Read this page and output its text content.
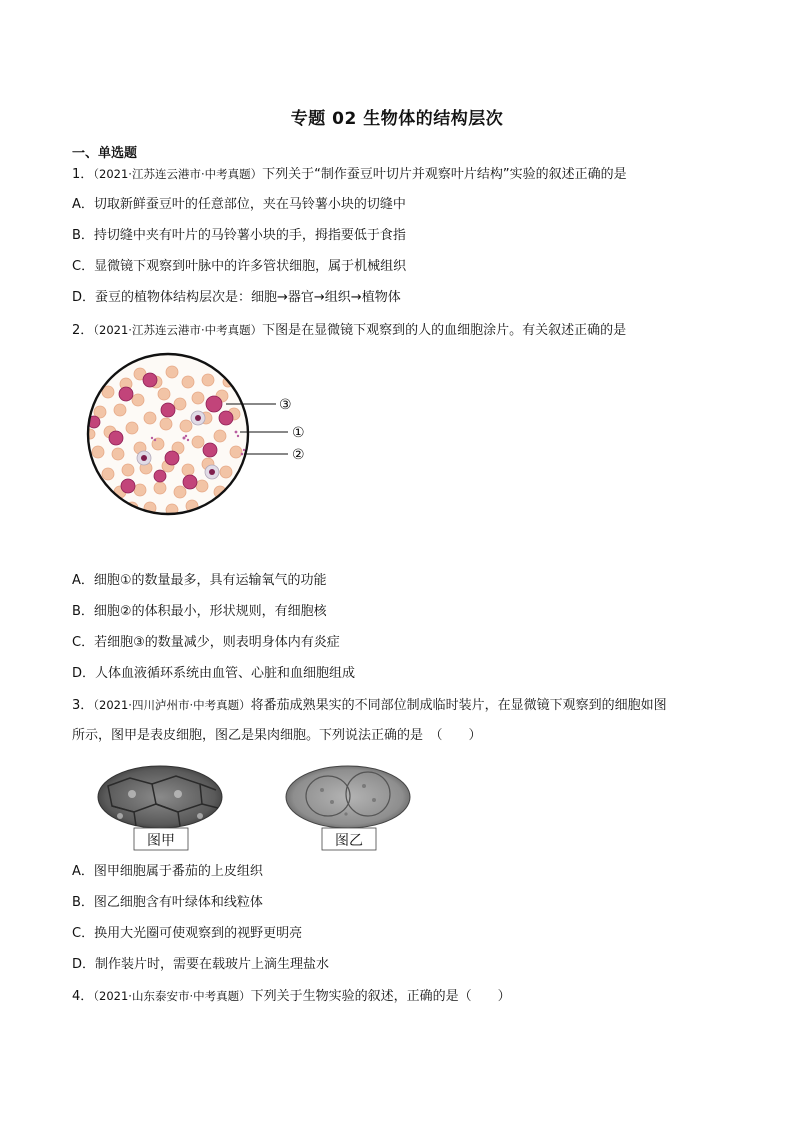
专题 02 生物体的结构层次
一、单选题
1．（2021·江苏连云港市·中考真题）下列关于“制作蚕豆叶切片并观察叶片结构”实验的叙述正确的是
A．切取新鲜蚕豆叶的任意部位，夹在马铃薯小块的切缝中
B．持切缝中夹有叶片的马铃薯小块的手，拇指要低于食指
C．显微镜下观察到叶脉中的许多管状细胞，属于机械组织
D．蚕豆的植物体结构层次是：细胞→器官→组织→植物体
2．（2021·江苏连云港市·中考真题）下图是在显微镜下观察到的人的血细胞涂片。有关叙述正确的是
③
①
②
A．细胞①的数量最多，具有运输氧气的功能
B．细胞②的体积最小，形状规则，有细胞核
C．若细胞③的数量减少，则表明身体内有炎症
D．人体血液循环系统由血管、心脏和血细胞组成
3．（2021·四川泸州市·中考真题）将番茄成熟果实的不同部位制成临时装片，在显微镜下观察到的细胞如图
所示，图甲是表皮细胞，图乙是果肉细胞。下列说法正确的是　（　　）
图甲	图乙
A．图甲细胞属于番茄的上皮组织
B．图乙细胞含有叶绿体和线粒体
C．换用大光圈可使观察到的视野更明亮
D．制作装片时，需要在载玻片上滴生理盐水
4．（2021·山东泰安市·中考真题）下列关于生物实验的叙述，正确的是（　　）
